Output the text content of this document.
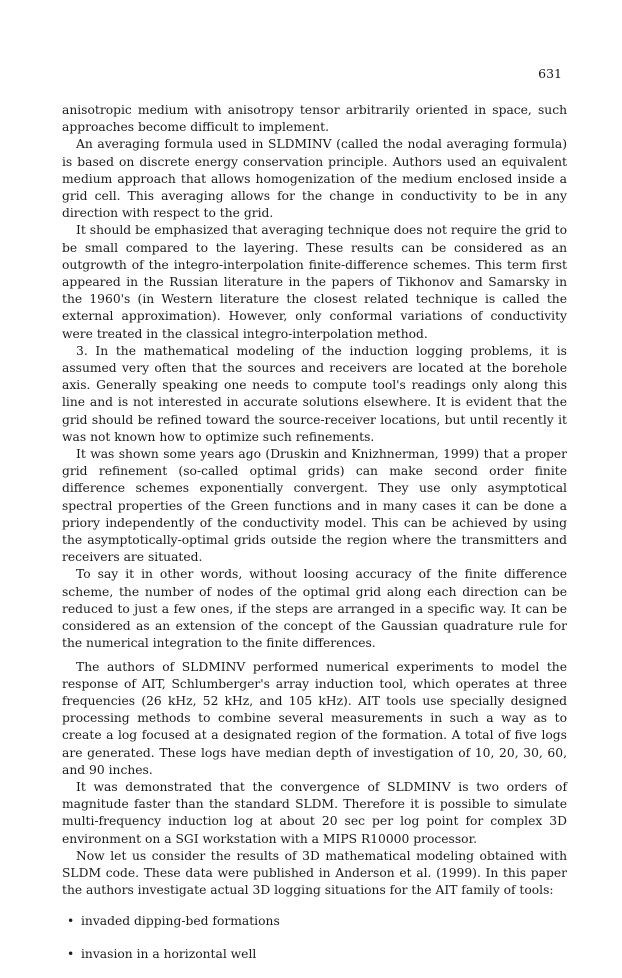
631

anisotropic medium with anisotropy tensor arbitrarily oriented in space, such approaches become difficult to implement.

An averaging formula used in SLDMINV (called the nodal averaging formula) is based on discrete energy conservation principle. Authors used an equivalent medium approach that allows homogenization of the medium enclosed inside a grid cell. This averaging allows for the change in conductivity to be in any direction with respect to the grid.

It should be emphasized that averaging technique does not require the grid to be small compared to the layering. These results can be considered as an outgrowth of the integro-interpolation finite-difference schemes. This term first appeared in the Russian literature in the papers of Tikhonov and Samarsky in the 1960's (in Western literature the closest related technique is called the external approximation). However, only conformal variations of conductivity were treated in the classical integro-interpolation method.

3. In the mathematical modeling of the induction logging problems, it is assumed very often that the sources and receivers are located at the borehole axis. Generally speaking one needs to compute tool's readings only along this line and is not interested in accurate solutions elsewhere. It is evident that the grid should be refined toward the source-receiver locations, but until recently it was not known how to optimize such refinements.

It was shown some years ago (Druskin and Knizhnerman, 1999) that a proper grid refinement (so-called optimal grids) can make second order finite difference schemes exponentially convergent. They use only asymptotical spectral properties of the Green functions and in many cases it can be done a priory independently of the conductivity model. This can be achieved by using the asymptotically-optimal grids outside the region where the transmitters and receivers are situated.

To say it in other words, without loosing accuracy of the finite difference scheme, the number of nodes of the optimal grid along each direction can be reduced to just a few ones, if the steps are arranged in a specific way. It can be considered as an extension of the concept of the Gaussian quadrature rule for the numerical integration to the finite differences.

The authors of SLDMINV performed numerical experiments to model the response of AIT, Schlumberger's array induction tool, which operates at three frequencies (26 kHz, 52 kHz, and 105 kHz). AIT tools use specially designed processing methods to combine several measurements in such a way as to create a log focused at a designated region of the formation. A total of five logs are generated. These logs have median depth of investigation of 10, 20, 30, 60, and 90 inches.

It was demonstrated that the convergence of SLDMINV is two orders of magnitude faster than the standard SLDM. Therefore it is possible to simulate multi-frequency induction log at about 20 sec per log point for complex 3D environment on a SGI workstation with a MIPS R10000 processor.

Now let us consider the results of 3D mathematical modeling obtained with SLDM code. These data were published in Anderson et al. (1999). In this paper the authors investigate actual 3D logging situations for the AIT family of tools:

• invaded dipping-bed formations
• invasion in a horizontal well
